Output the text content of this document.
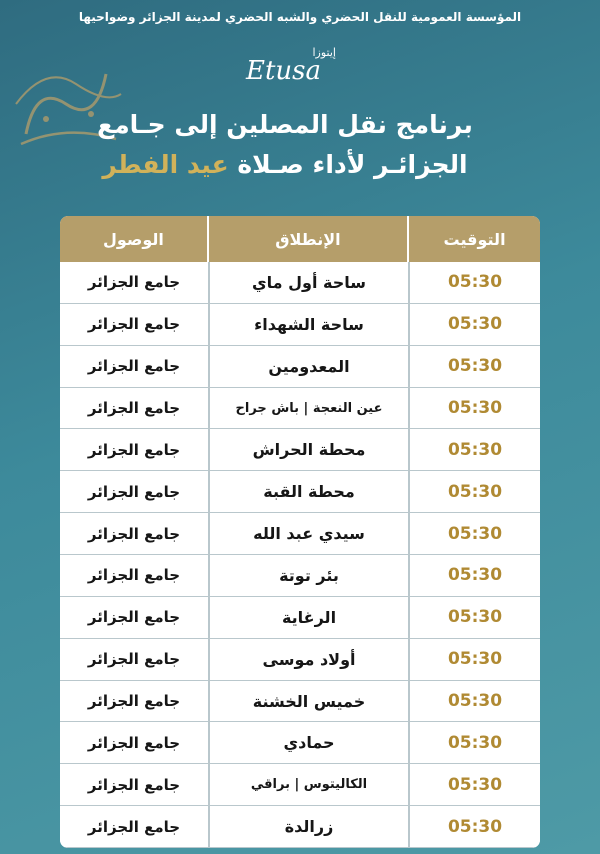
المؤسسة العمومية للنقل الحضري والشبه الحضري لمدينة الجزائر وضواحيها
إيتوزا
Etusa
برنامج نقل المصلين إلى جـامع
الجزائـر لأداء صـلاة عيد الفطر
التوقيت
الإنطلاق
الوصول
05:30
ساحة أول ماي
جامع الجزائر
05:30
ساحة الشهداء
جامع الجزائر
05:30
المعدومين
جامع الجزائر
05:30
عين النعجة | باش جراح
جامع الجزائر
05:30
محطة الحراش
جامع الجزائر
05:30
محطة القبة
جامع الجزائر
05:30
سيدي عبد الله
جامع الجزائر
05:30
بئر توتة
جامع الجزائر
05:30
الرغاية
جامع الجزائر
05:30
أولاد موسى
جامع الجزائر
05:30
خميس الخشنة
جامع الجزائر
05:30
حمادي
جامع الجزائر
05:30
الكاليتوس | براقي
جامع الجزائر
05:30
زرالدة
جامع الجزائر
